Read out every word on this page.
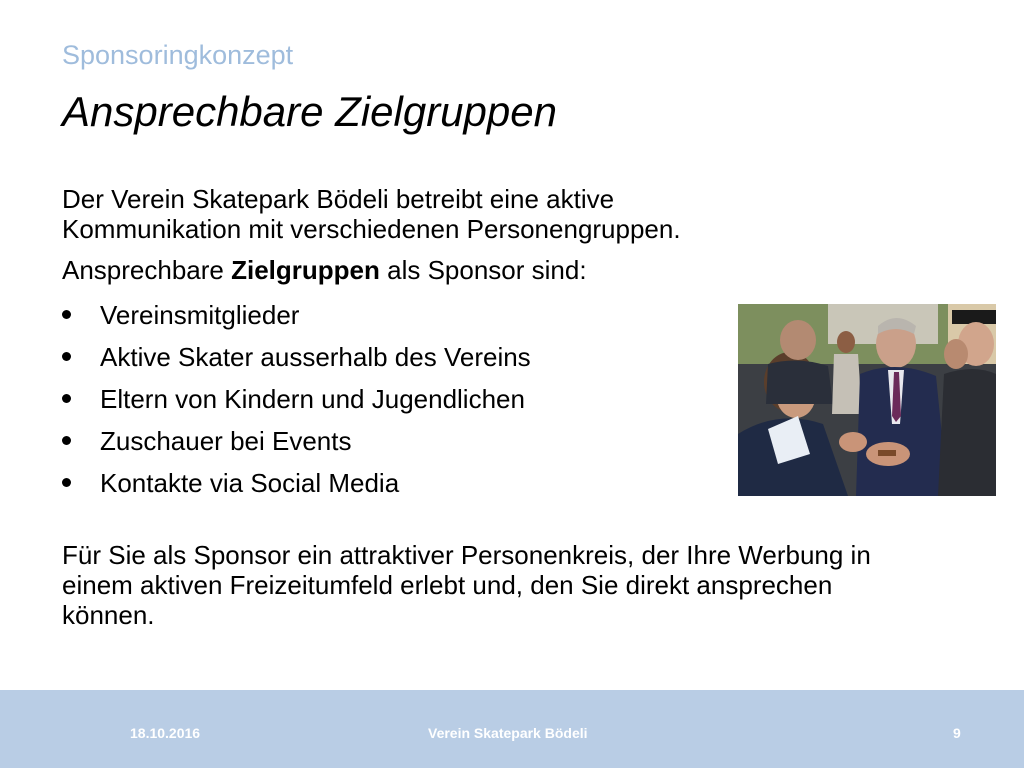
Sponsoringkonzept
Ansprechbare Zielgruppen

Der Verein Skatepark Bödeli betreibt eine aktive Kommunikation mit verschiedenen Personengruppen.

Ansprechbare Zielgruppen als Sponsor sind:

Vereinsmitglieder
Aktive Skater ausserhalb des Vereins
Eltern von Kindern und Jugendlichen
Zuschauer bei Events
Kontakte via Social Media

Für Sie als Sponsor ein attraktiver Personenkreis, der Ihre Werbung in einem aktiven Freizeitumfeld erlebt und, den Sie direkt ansprechen können.

18.10.2016	Verein Skatepark Bödeli	9
